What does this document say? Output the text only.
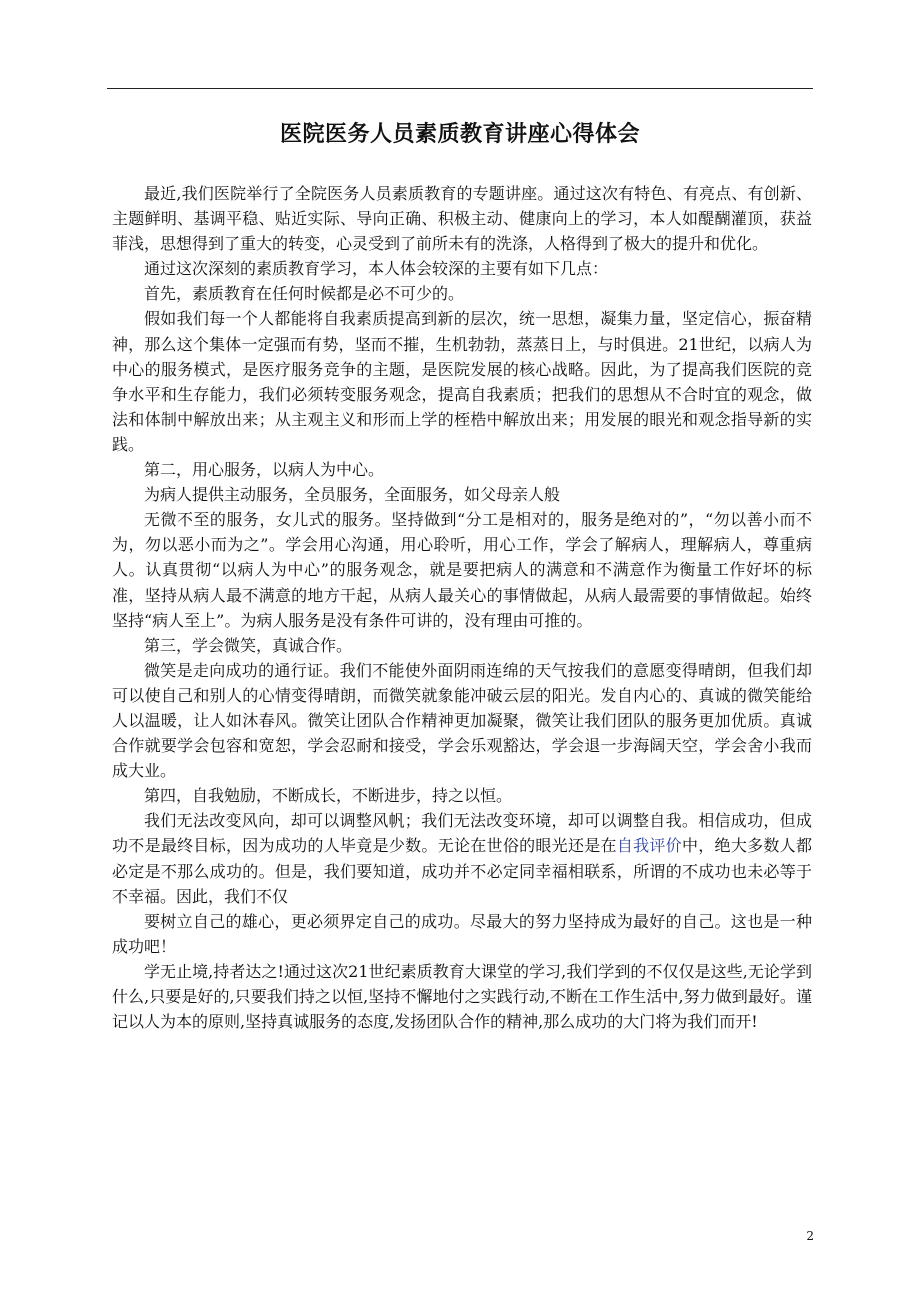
医院医务人员素质教育讲座心得体会

最近,我们医院举行了全院医务人员素质教育的专题讲座。通过这次有特色、有亮点、有创新、主题鲜明、基调平稳、贴近实际、导向正确、积极主动、健康向上的学习，本人如醍醐灌顶，获益菲浅，思想得到了重大的转变，心灵受到了前所未有的洗涤，人格得到了极大的提升和优化。

通过这次深刻的素质教育学习，本人体会较深的主要有如下几点：

首先，素质教育在任何时候都是必不可少的。

假如我们每一个人都能将自我素质提高到新的层次，统一思想，凝集力量，坚定信心，振奋精神，那么这个集体一定强而有势，坚而不摧，生机勃勃，蒸蒸日上，与时俱进。21世纪，以病人为中心的服务模式，是医疗服务竞争的主题，是医院发展的核心战略。因此，为了提高我们医院的竞争水平和生存能力，我们必须转变服务观念，提高自我素质；把我们的思想从不合时宜的观念，做法和体制中解放出来；从主观主义和形而上学的桎梏中解放出来；用发展的眼光和观念指导新的实践。

第二，用心服务，以病人为中心。

为病人提供主动服务，全员服务，全面服务，如父母亲人般

无微不至的服务，女儿式的服务。坚持做到“分工是相对的，服务是绝对的”，“勿以善小而不为，勿以恶小而为之”。学会用心沟通，用心聆听，用心工作，学会了解病人，理解病人，尊重病人。认真贯彻“以病人为中心”的服务观念，就是要把病人的满意和不满意作为衡量工作好坏的标准，坚持从病人最不满意的地方干起，从病人最关心的事情做起，从病人最需要的事情做起。始终坚持“病人至上”。为病人服务是没有条件可讲的，没有理由可推的。

第三，学会微笑，真诚合作。

微笑是走向成功的通行证。我们不能使外面阴雨连绵的天气按我们的意愿变得晴朗，但我们却可以使自己和别人的心情变得晴朗，而微笑就象能冲破云层的阳光。发自内心的、真诚的微笑能给人以温暖，让人如沐春风。微笑让团队合作精神更加凝聚，微笑让我们团队的服务更加优质。真诚合作就要学会包容和宽恕，学会忍耐和接受，学会乐观豁达，学会退一步海阔天空，学会舍小我而成大业。

第四，自我勉励，不断成长，不断进步，持之以恒。

我们无法改变风向，却可以调整风帆；我们无法改变环境，却可以调整自我。相信成功，但成功不是最终目标，因为成功的人毕竟是少数。无论在世俗的眼光还是在自我评价中，绝大多数人都必定是不那么成功的。但是，我们要知道，成功并不必定同幸福相联系，所谓的不成功也未必等于不幸福。因此，我们不仅

要树立自己的雄心，更必须界定自己的成功。尽最大的努力坚持成为最好的自己。这也是一种成功吧！

学无止境,持者达之!通过这次21世纪素质教育大课堂的学习,我们学到的不仅仅是这些,无论学到什么,只要是好的,只要我们持之以恒,坚持不懈地付之实践行动,不断在工作生活中,努力做到最好。谨记以人为本的原则,坚持真诚服务的态度,发扬团队合作的精神,那么成功的大门将为我们而开!

2
